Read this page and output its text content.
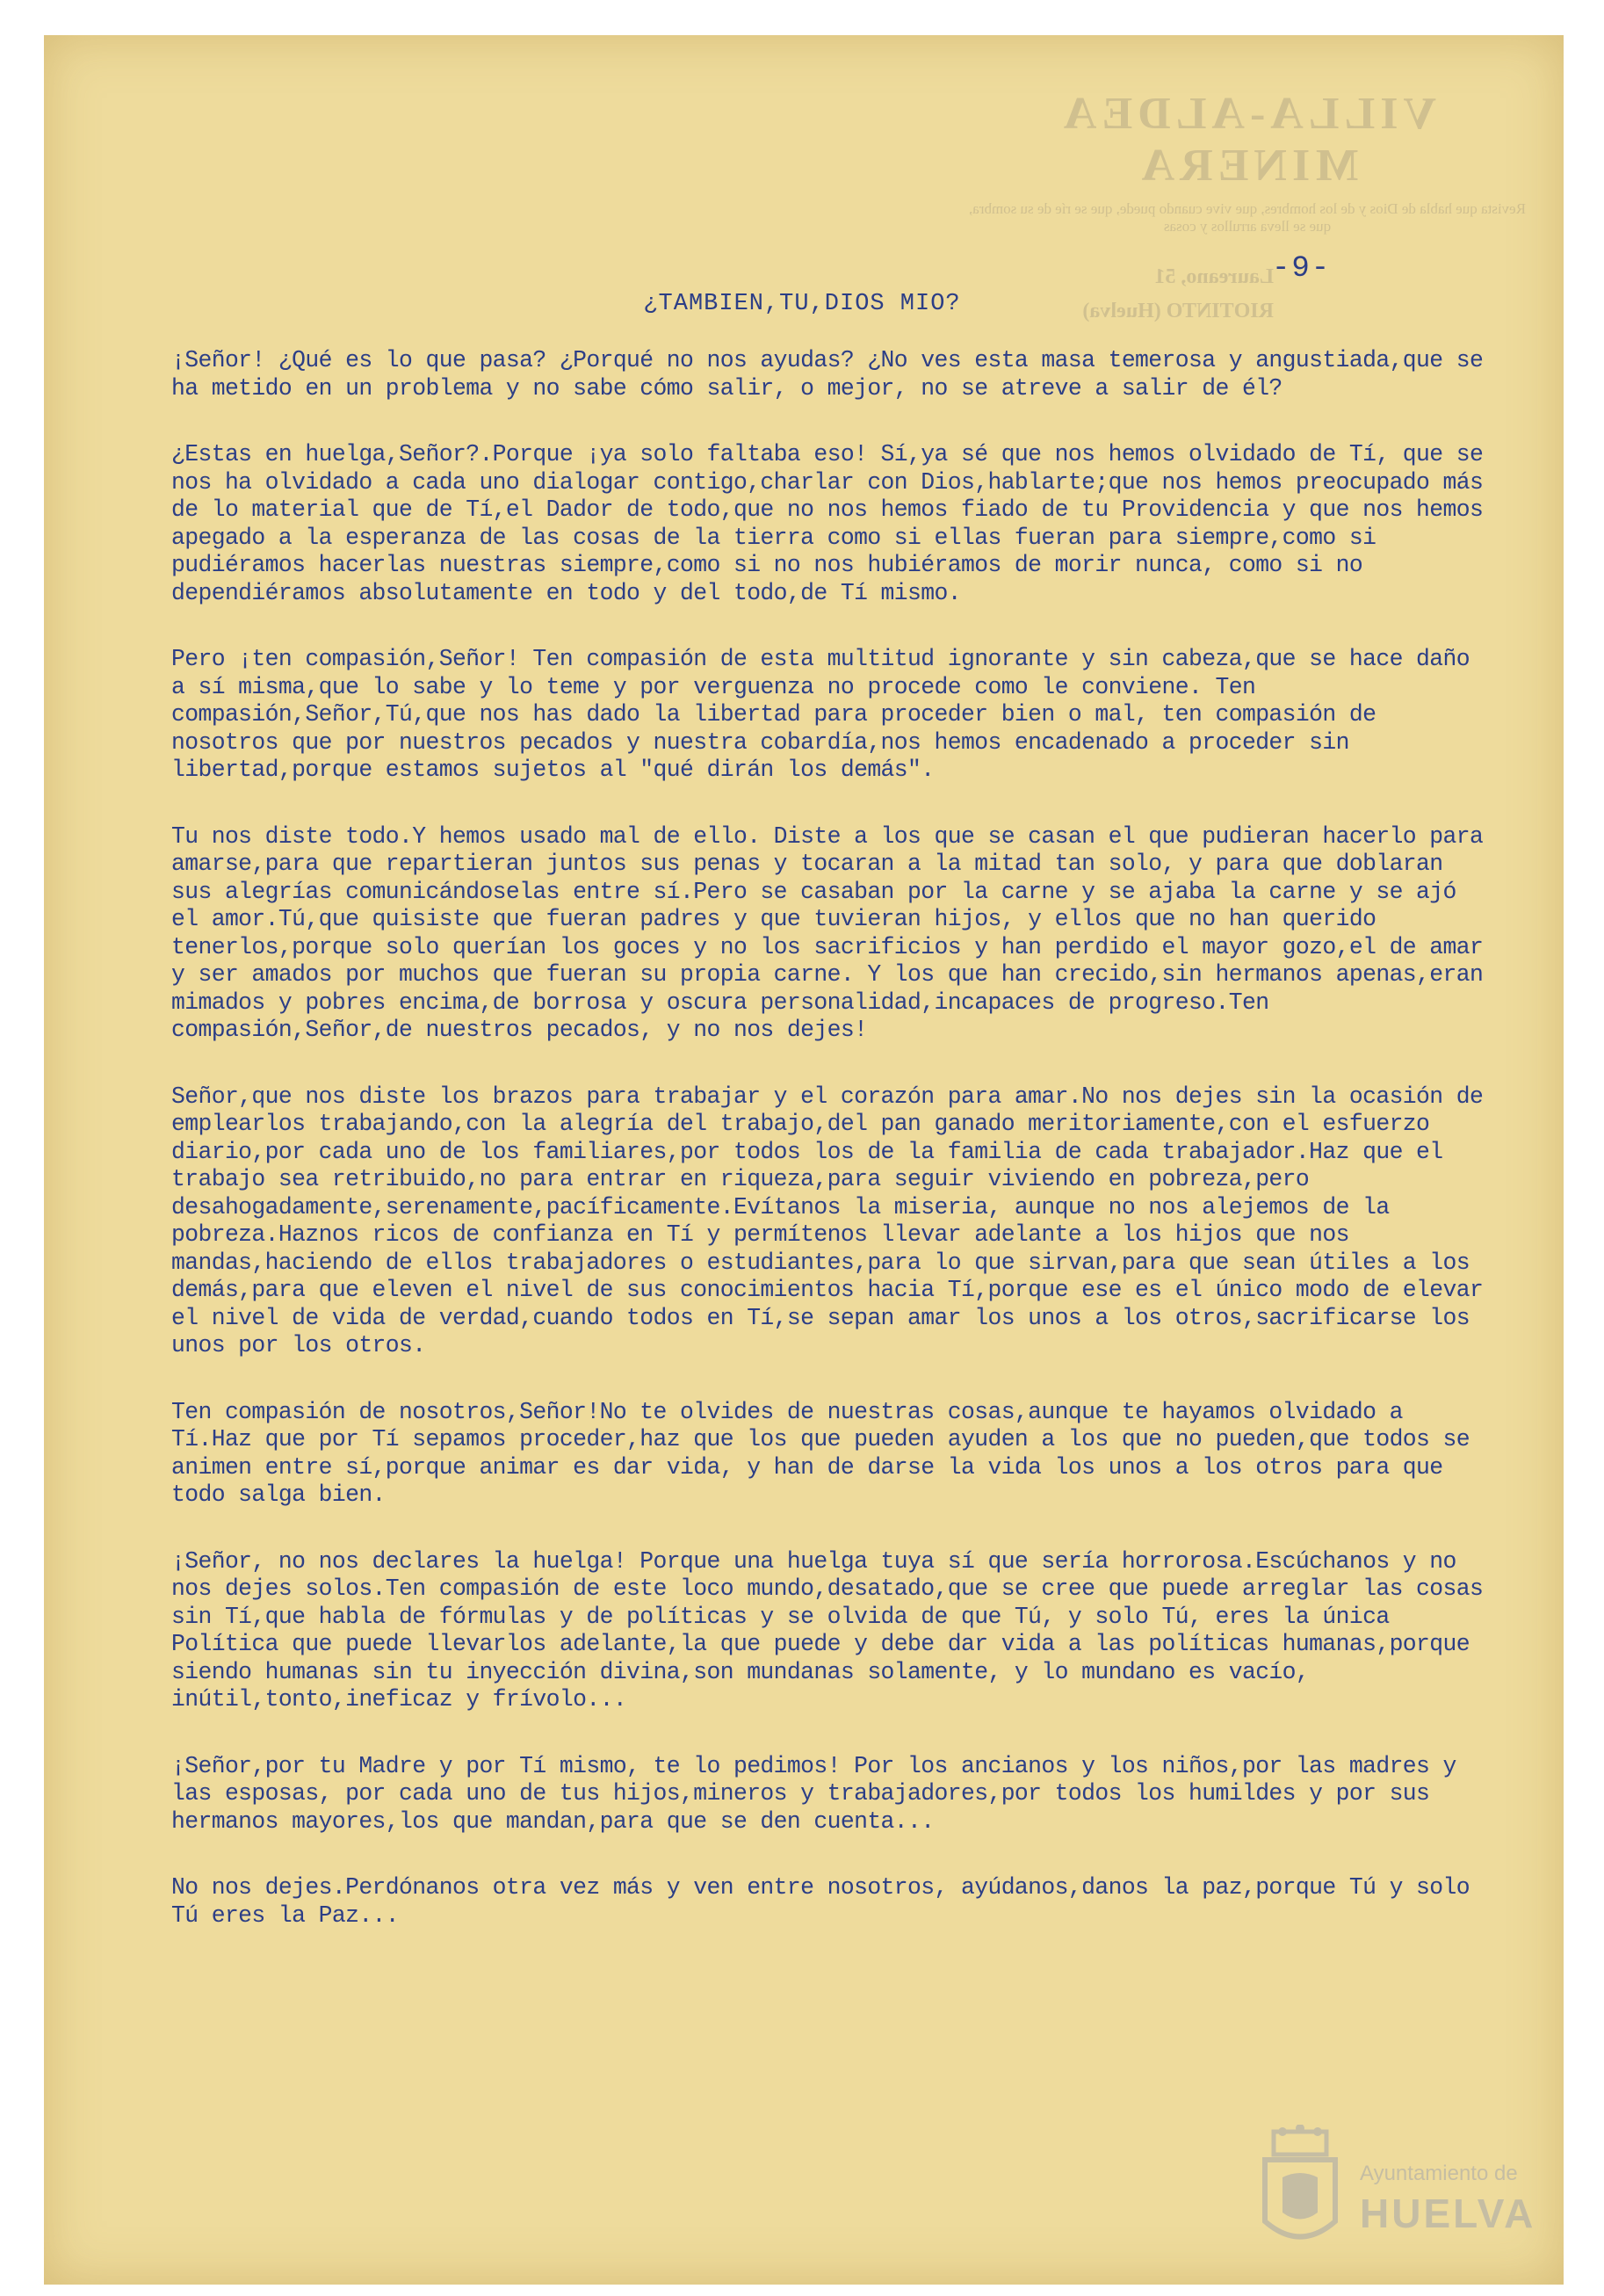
VILLA-ALDEA MINERA
Revista que habla de Dios y de los hombres, que vive cuando puede, que se ríe de su sombra, que se lleva arrullos y cosas
Laureano, 51
RIOTINTO (Huelva)
-9-
¿TAMBIEN,TU,DIOS MIO?

¡Señor! ¿Qué es lo que pasa? ¿Porqué no nos ayudas? ¿No ves esta masa temerosa y angustiada,que se ha metido en un problema y no sabe cómo salir, o mejor, no se atreve a salir de él?

¿Estas en huelga,Señor?.Porque ¡ya solo faltaba eso! Sí,ya sé que nos hemos olvidado de Tí, que se nos ha olvidado a cada uno dialogar contigo,charlar con Dios,hablarte;que nos hemos preocupado más de lo material que de Tí,el Dador de todo,que no nos hemos fiado de tu Providencia y que nos hemos apegado a la esperanza de las cosas de la tierra como si ellas fueran para siempre,como si pudiéramos hacerlas nuestras siempre,como si no nos hubiéramos de morir nunca, como si no dependiéramos absolutamente en todo y del todo,de Tí mismo.

Pero ¡ten compasión,Señor! Ten compasión de esta multitud ignorante y sin cabeza,que se hace daño a sí misma,que lo sabe y lo teme y por verguenza no procede como le conviene. Ten compasión,Señor,Tú,que nos has dado la libertad para proceder bien o mal, ten compasión de nosotros que por nuestros pecados y nuestra cobardía,nos hemos encadenado a proceder sin libertad,porque estamos sujetos al "qué dirán los demás".

Tu nos diste todo.Y hemos usado mal de ello. Diste a los que se casan el que pudieran hacerlo para amarse,para que repartieran juntos sus penas y tocaran a la mitad tan solo, y para que doblaran sus alegrías comunicándoselas entre sí.Pero se casaban por la carne y se ajaba la carne y se ajó el amor.Tú,que quisiste que fueran padres y que tuvieran hijos, y ellos que no han querido tenerlos,porque solo querían los goces y no los sacrificios y han perdido el mayor gozo,el de amar y ser amados por muchos que fueran su propia carne. Y los que han crecido,sin hermanos apenas,eran mimados y pobres encima,de borrosa y oscura personalidad,incapaces de progreso.Ten compasión,Señor,de nuestros pecados, y no nos dejes!

Señor,que nos diste los brazos para trabajar y el corazón para amar.No nos dejes sin la ocasión de emplearlos trabajando,con la alegría del trabajo,del pan ganado meritoriamente,con el esfuerzo diario,por cada uno de los familiares,por todos los de la familia de cada trabajador.Haz que el trabajo sea retribuido,no para entrar en riqueza,para seguir viviendo en pobreza,pero desahogadamente,serenamente,pacíficamente.Evítanos la miseria, aunque no nos alejemos de la pobreza.Haznos ricos de confianza en Tí y permítenos llevar adelante a los hijos que nos mandas,haciendo de ellos trabajadores o estudiantes,para lo que sirvan,para que sean útiles a los demás,para que eleven el nivel de sus conocimientos hacia Tí,porque ese es el único modo de elevar el nivel de vida de verdad,cuando todos en Tí,se sepan amar los unos a los otros,sacrificarse los unos por los otros.

Ten compasión de nosotros,Señor!No te olvides de nuestras cosas,aunque te hayamos olvidado a Tí.Haz que por Tí sepamos proceder,haz que los que pueden ayuden a los que no pueden,que todos se animen entre sí,porque animar es dar vida, y han de darse la vida los unos a los otros para que todo salga bien.

¡Señor, no nos declares la huelga! Porque una huelga tuya sí que sería horrorosa.Escúchanos y no nos dejes solos.Ten compasión de este loco mundo,desatado,que se cree que puede arreglar las cosas sin Tí,que habla de fórmulas y de políticas y se olvida de que Tú, y solo Tú, eres la única Política que puede llevarlos adelante,la que puede y debe dar vida a las políticas humanas,porque siendo humanas sin tu inyección divina,son mundanas solamente, y lo mundano es vacío, inútil,tonto,ineficaz y frívolo...

¡Señor,por tu Madre y por Tí mismo, te lo pedimos! Por los ancianos y los niños,por las madres y las esposas, por cada uno de tus hijos,mineros y trabajadores,por todos los humildes y por sus hermanos mayores,los que mandan,para que se den cuenta...

No nos dejes.Perdónanos otra vez más y ven entre nosotros, ayúdanos,danos la paz,porque Tú y solo Tú eres la Paz...

Ayuntamiento de
HUELVA
